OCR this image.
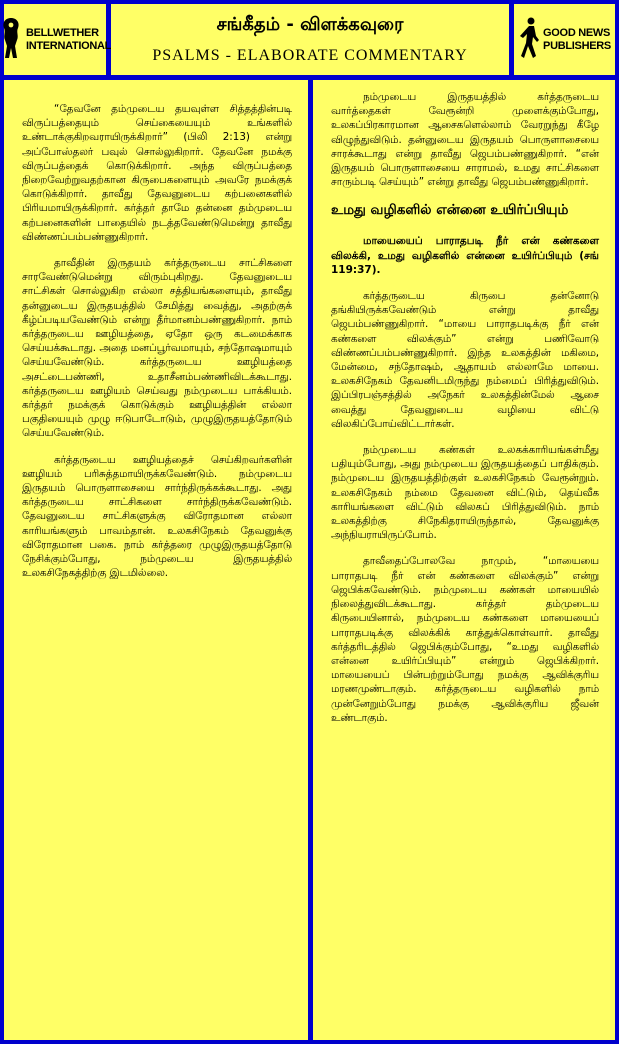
BELLWETHER
INTERNATIONAL
சங்கீதம் - விளக்கவுரை
PSALMS - ELABORATE COMMENTARY
GOOD NEWS
PUBLISHERS

“தேவனே தம்முடைய தயவுள்ள சித்தத்தின்படி விருப்பத்தையும் செய்கையையும் உங்களில் உண்டாக்குகிறவராயிருக்கிறார்” (பிலி 2:13) என்று அப்போஸ்தலர் பவுல் சொல்லுகிறார். தேவனே நமக்கு விருப்பத்தைக் கொடுக்கிறார். அந்த விருப்பத்தை நிறைவேற்றுவதற்கான கிருபைகளையும் அவரே நமக்குக் கொடுக்கிறார். தாவீது தேவனுடைய கற்பனைகளில் பிரியமாயிருக்கிறார். கர்த்தர் தாமே தன்னை தம்முடைய கற்பனைகளின் பாதையில் நடத்தவேண்டுமென்று தாவீது விண்ணப்பம்பண்ணுகிறார்.

தாவீதின் இருதயம் கர்த்தருடைய சாட்சிகளை சாரவேண்டுமென்று விரும்புகிறது. தேவனுடைய சாட்சிகள் சொல்லுகிற எல்லா சத்தியங்களையும், தாவீது தன்னுடைய இருதயத்தில் சேமித்து வைத்து, அதற்குக் கீழ்ப்படியவேண்டும் என்று தீர்மானம்பண்ணுகிறார். நாம் கர்த்தருடைய ஊழியத்தை, ஏதோ ஒரு கடமைக்காக செய்யக்கூடாது. அதை மனப்பூர்வமாயும், சந்தோஷமாயும் செய்யவேண்டும். கர்த்தருடைய ஊழியத்தை அசட்டைபண்ணி, உதாசீனம்பண்ணிவிடக்கூடாது. கர்த்தருடைய ஊழியம் செய்வது நம்முடைய பாக்கியம். கர்த்தர் நமக்குக் கொடுக்கும் ஊழியத்தின் எல்லா பகுதியையும் முழு ஈடுபாடோடும், முழுஇருதயத்தோடும் செய்யவேண்டும்.

கர்த்தருடைய ஊழியத்தைச் செய்கிறவர்களின் ஊழியம் பரிசுத்தமாயிருக்கவேண்டும். நம்முடைய இருதயம் பொருளாசையை சார்ந்திருக்கக்கூடாது. அது கர்த்தருடைய சாட்சிகளை சார்ந்திருக்கவேண்டும். தேவனுடைய சாட்சிகளுக்கு விரோதமான எல்லா காரியங்களும் பாவம்தான். உலகசிநேகம் தேவனுக்கு விரோதமான பகை. நாம் கர்த்தரை முழுஇருதயத்தோடு நேசிக்கும்போது, நம்முடைய இருதயத்தில் உலகசிநேகத்திற்கு இடமில்லை.

நம்முடைய இருதயத்தில் கர்த்தருடைய வார்த்தைகள் வேரூன்றி முளைக்கும்போது, உலகப்பிரகாரமான ஆசைகளெல்லாம் வேரறுந்து கீழே விழுந்துவிடும். தன்னுடைய இருதயம் பொருளாசையை சாரக்கூடாது என்று தாவீது ஜெபம்பண்ணுகிறார். “என் இருதயம் பொருளாசையை சாராமல், உமது சாட்சிகளை சாரும்படி செய்யும்” என்று தாவீது ஜெபம்பண்ணுகிறார்.

உமது வழிகளில் என்னை உயிர்ப்பியும்

மாயையைப் பாராதபடி நீர் என் கண்களை விலக்கி, உமது வழிகளில் என்னை உயிர்ப்பியும் (சங் 119:37).

கர்த்தருடைய கிருபை தன்னோடு தங்கியிருக்கவேண்டும் என்று தாவீது ஜெபம்பண்ணுகிறார். “மாயை பாராதபடிக்கு நீர் என் கண்களை விலக்கும்” என்று பணிவோடு விண்ணப்பம்பண்ணுகிறார். இந்த உலகத்தின் மகிமை, மேன்மை, சந்தோஷம், ஆதாயம் எல்லாமே மாயை. உலகசிநேகம் தேவனிடமிருந்து நம்மைப் பிரித்துவிடும். இப்பிரபஞ்சத்தில் அநேகர் உலகத்தின்மேல் ஆசை வைத்து தேவனுடைய வழியை விட்டு விலகிப்போய்விட்டார்கள்.

நம்முடைய கண்கள் உலகக்காரியங்கள்மீது பதியும்போது, அது நம்முடைய இருதயத்தைப் பாதிக்கும். நம்முடைய இருதயத்திற்குள் உலகசிநேகம் வேரூன்றும். உலகசிநேகம் நம்மை தேவனை விட்டும், தெய்வீக காரியங்களை விட்டும் விலகப் பிரித்துவிடும். நாம் உலகத்திற்கு சிநேகிதராயிருந்தால், தேவனுக்கு அந்நியராயிருப்போம்.

தாவீதைப்போலவே நாமும், “மாயையை பாராதபடி நீர் என் கண்களை விலக்கும்” என்று ஜெபிக்கவேண்டும். நம்முடைய கண்கள் மாயையில் நிலைத்துவிடக்கூடாது. கர்த்தர் தம்முடைய கிருபையினால், நம்முடைய கண்களை மாயையைப் பாராதபடிக்கு விலக்கிக் காத்துக்கொள்வார். தாவீது கர்த்தரிடத்தில் ஜெபிக்கும்போது, “உமது வழிகளில் என்னை உயிர்ப்பியும்” என்றும் ஜெபிக்கிறார். மாயையைப் பின்பற்றும்போது நமக்கு ஆவிக்குரிய மரணமுண்டாகும். கர்த்தருடைய வழிகளில் நாம் முன்னேறும்போது நமக்கு ஆவிக்குரிய ஜீவன் உண்டாகும்.
